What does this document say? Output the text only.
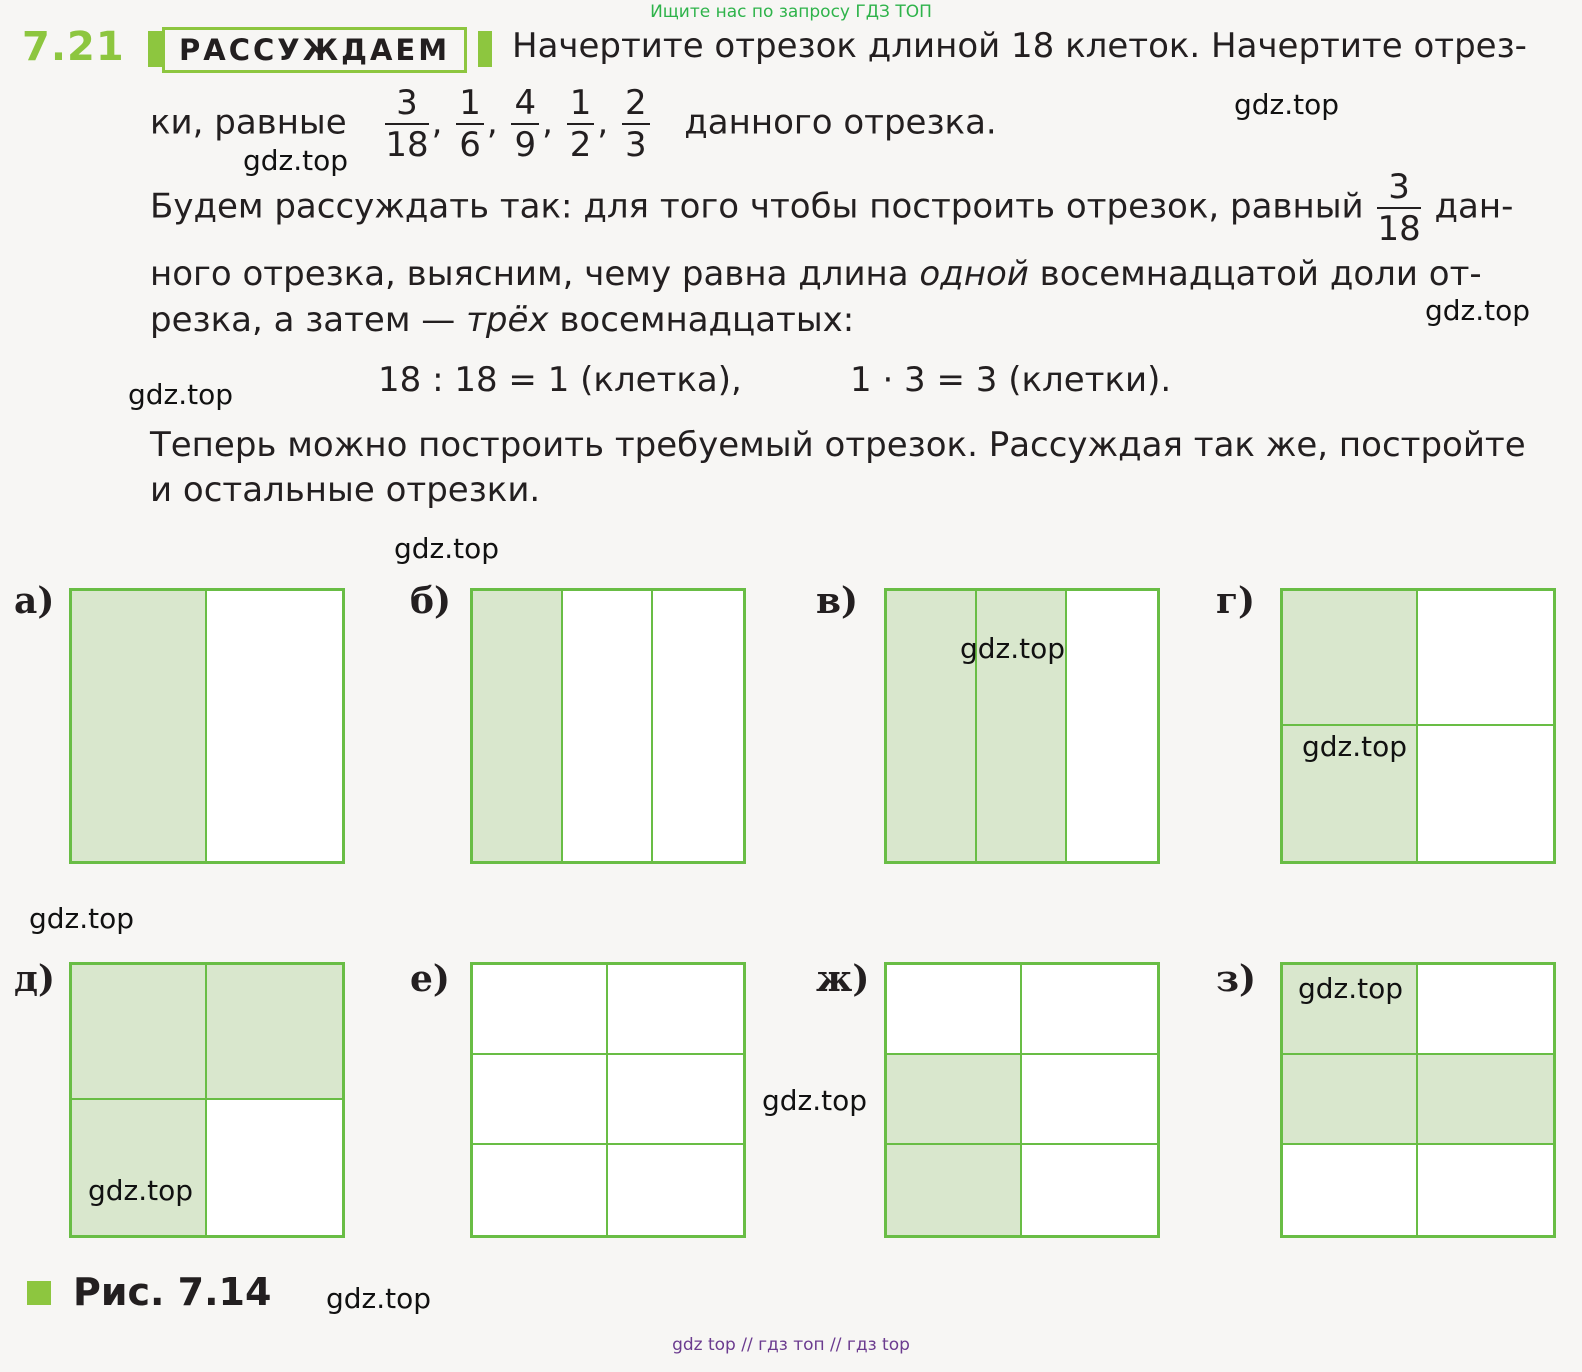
Ищите нас по запросу ГДЗ ТОП
7.21	РАССУЖДАЕМ	Начертите отрезок длиной 18 клеток. Начертите отрез-
ки, равные $\frac{3}{18}$ , $\frac{1}{6}$ , $\frac{4}{9}$ , $\frac{1}{2}$ , $\frac{2}{3}$ данного отрезка.
Будем рассуждать так: для того чтобы построить отрезок, равный $\frac{3}{18} дан-$
ного отрезка, выясним, чему равна длина одной восемнадцатой доли от-
резка, а затем — трёх восемнадцатых:
18 : 18 = 1 (клетка),	1 · 3 = 3 (клетки).
Теперь можно построить требуемый отрезок. Рассуждая так же, постройте
и остальные отрезки.
а)	б)	в)	г)
д)	е)	ж)	з)
Рис. 7.14
gdz.top
gdz.top
gdz.top
gdz.top
gdz.top
gdz.top
gdz.top
gdz.top
gdz.top
gdz.top
gdz.top
gdz.top
gdz top // гдз топ // гдз top
